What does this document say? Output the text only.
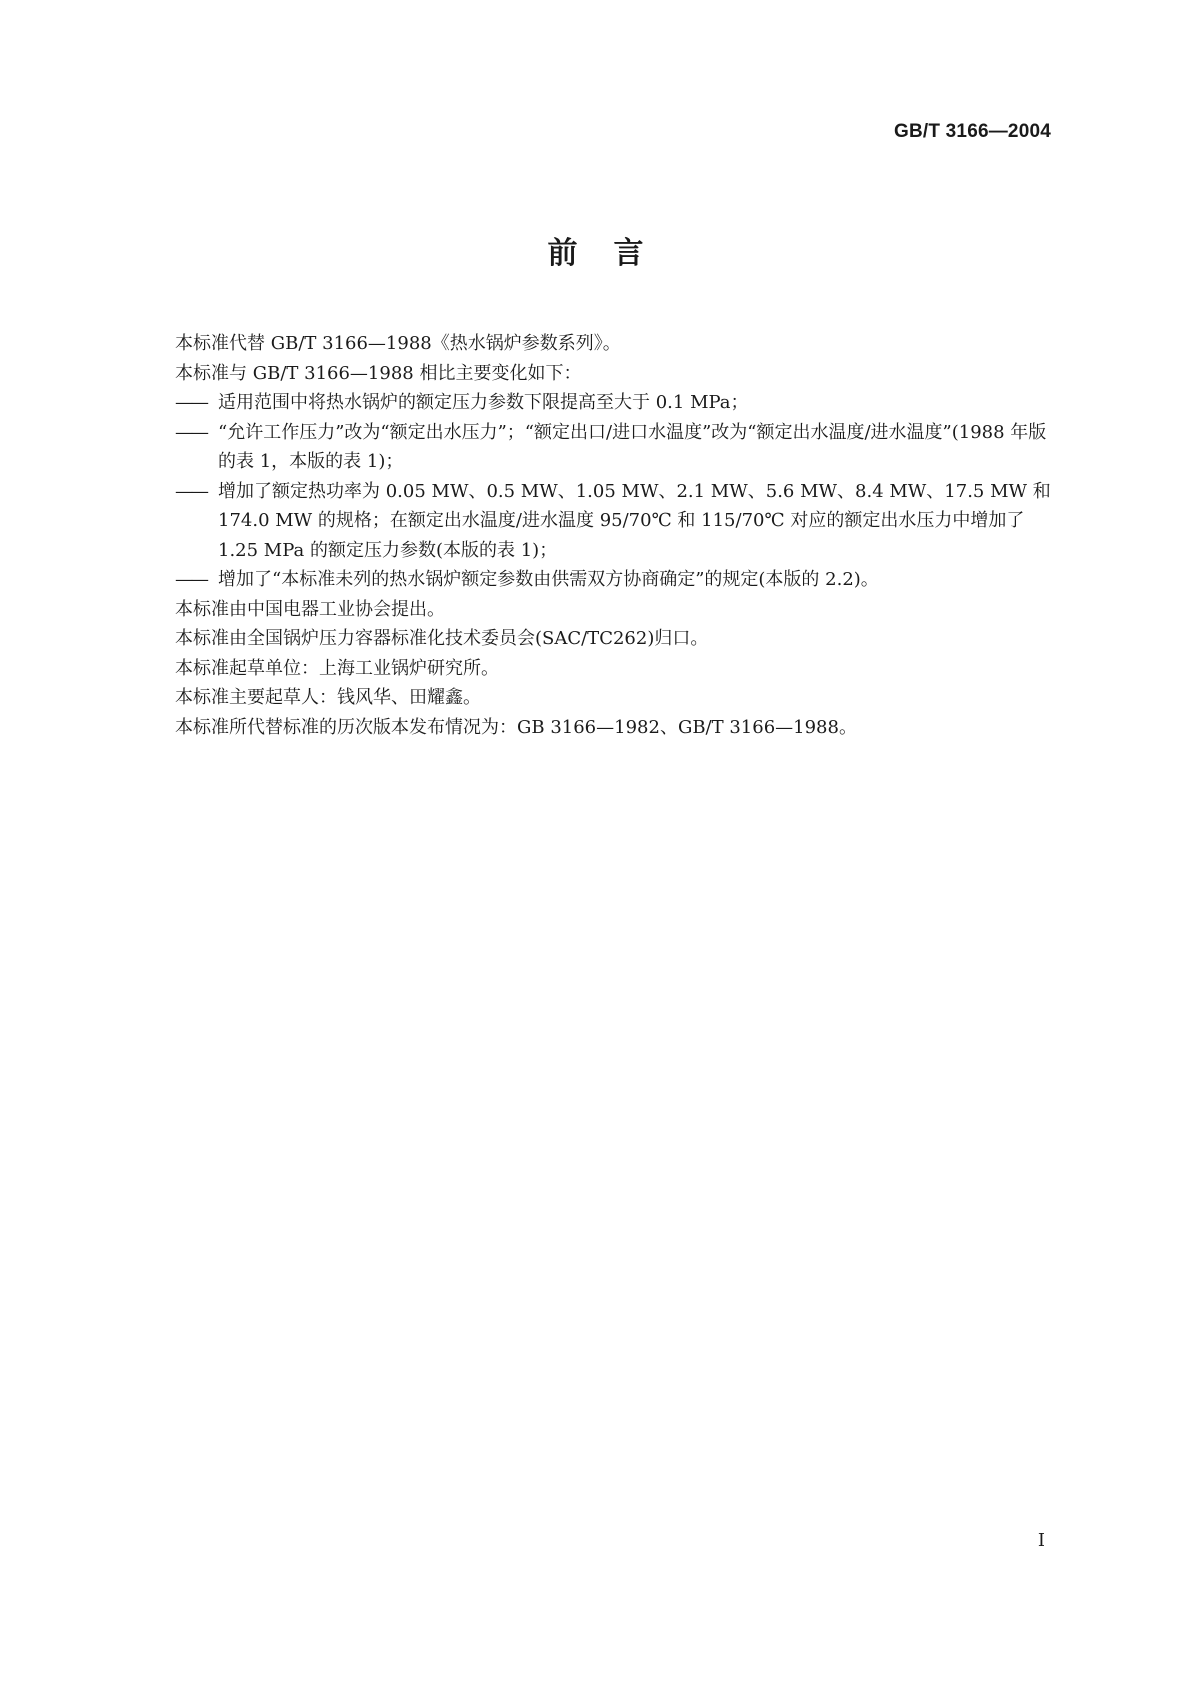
GB/T 3166—2004
前言

本标准代替 GB/T 3166—1988《热水锅炉参数系列》。

本标准与 GB/T 3166—1988 相比主要变化如下：

—— 适用范围中将热水锅炉的额定压力参数下限提高至大于 0.1 MPa；

—— “允许工作压力”改为“额定出水压力”；“额定出口/进口水温度”改为“额定出水温度/进水温度”(1988 年版的表 1，本版的表 1)；

—— 增加了额定热功率为 0.05 MW、0.5 MW、1.05 MW、2.1 MW、5.6 MW、8.4 MW、17.5 MW 和 174.0 MW 的规格；在额定出水温度/进水温度 95/70℃ 和 115/70℃ 对应的额定出水压力中增加了 1.25 MPa 的额定压力参数(本版的表 1)；

—— 增加了“本标准未列的热水锅炉额定参数由供需双方协商确定”的规定(本版的 2.2)。

本标准由中国电器工业协会提出。

本标准由全国锅炉压力容器标准化技术委员会(SAC/TC262)归口。

本标准起草单位：上海工业锅炉研究所。

本标准主要起草人：钱风华、田耀鑫。

本标准所代替标准的历次版本发布情况为：GB 3166—1982、GB/T 3166—1988。

I
